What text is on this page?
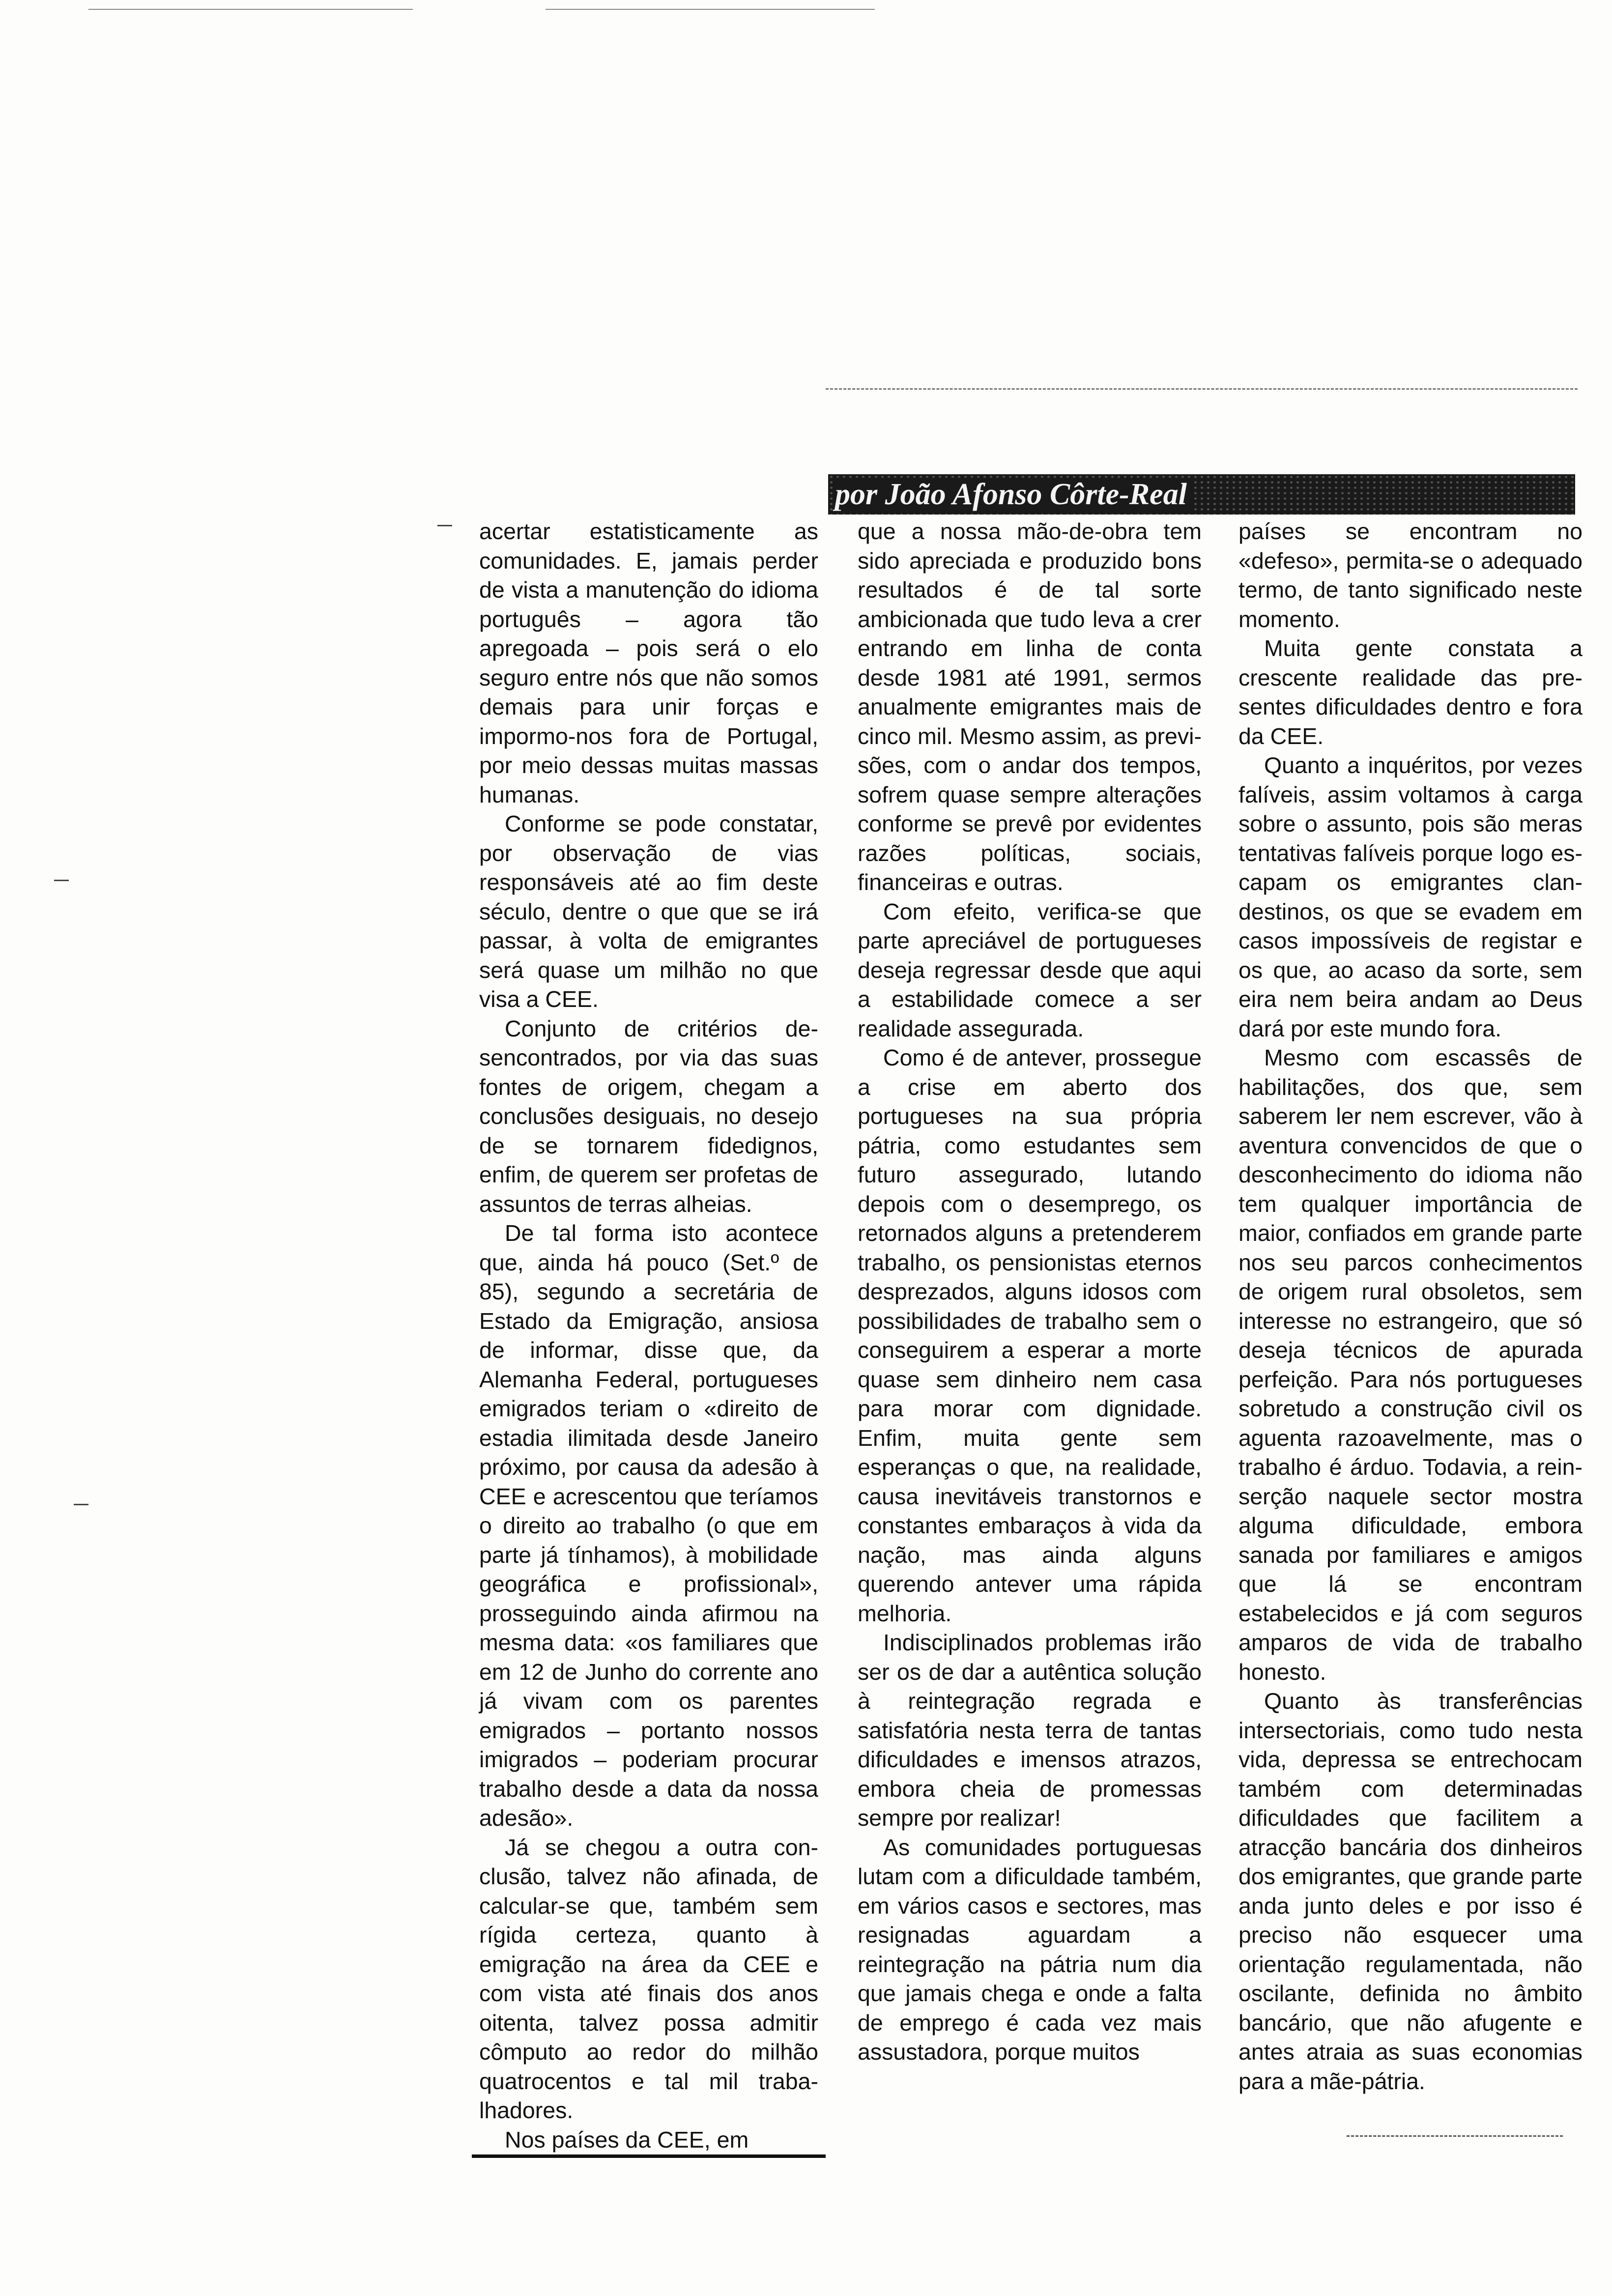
por João Afonso Côrte-Real

acertar estatisticamente as comunidades. E, jamais perder de vista a manutenção do idioma português – agora tão apregoada – pois será o elo seguro entre nós que não somos demais para unir forças e impormo-nos fora de Portugal, por meio dessas muitas massas humanas.

Conforme se pode constatar, por observação de vias responsáveis até ao fim deste século, dentre o que que se irá passar, à volta de emigrantes será quase um milhão no que visa a CEE.

Conjunto de critérios desencontrados, por via das suas fontes de origem, chegam a conclusões desiguais, no desejo de se tornarem fidedignos, enfim, de querem ser profetas de assuntos de terras alheias.

De tal forma isto acontece que, ainda há pouco (Set.º de 85), segundo a secretária de Estado da Emigração, ansiosa de informar, disse que, da Alemanha Federal, portugueses emigrados teriam o «direito de estadia ilimitada desde Janeiro próximo, por causa da adesão à CEE e acrescentou que teríamos o direito ao trabalho (o que em parte já tínhamos), à mobilidade geográfica e profissional», prosseguindo ainda afirmou na mesma data: «os familiares que em 12 de Junho do corrente ano já vivam com os parentes emigrados – portanto nossos imigrados – poderiam procurar trabalho desde a data da nossa adesão».

Já se chegou a outra conclusão, talvez não afinada, de calcular-se que, também sem rígida certeza, quanto à emigração na área da CEE e com vista até finais dos anos oitenta, talvez possa admitir cômputo ao redor do milhão quatrocentos e tal mil trabalhadores.

Nos países da CEE, em

que a nossa mão-de-obra tem sido apreciada e produzido bons resultados é de tal sorte ambicionada que tudo leva a crer entrando em linha de conta desde 1981 até 1991, sermos anualmente emigrantes mais de cinco mil. Mesmo assim, as previsões, com o andar dos tempos, sofrem quase sempre alterações conforme se prevê por evidentes razões políticas, sociais, financeiras e outras.

Com efeito, verifica-se que parte apreciável de portugueses deseja regressar desde que aqui a estabilidade comece a ser realidade assegurada.

Como é de antever, prossegue a crise em aberto dos portugueses na sua própria pátria, como estudantes sem futuro assegurado, lutando depois com o desemprego, os retornados alguns a pretenderem trabalho, os pensionistas eternos desprezados, alguns idosos com possibilidades de trabalho sem o conseguirem a esperar a morte quase sem dinheiro nem casa para morar com dignidade. Enfim, muita gente sem esperanças o que, na realidade, causa inevitáveis transtornos e constantes embaraços à vida da nação, mas ainda alguns querendo antever uma rápida melhoria.

Indisciplinados problemas irão ser os de dar a autêntica solução à reintegração regrada e satisfatória nesta terra de tantas dificuldades e imensos atrazos, embora cheia de promessas sempre por realizar!

As comunidades portuguesas lutam com a dificuldade também, em vários casos e sectores, mas resignadas aguardam a reintegração na pátria num dia que jamais chega e onde a falta de emprego é cada vez mais assustadora, porque muitos

países se encontram no «defeso», permita-se o adequado termo, de tanto significado neste momento.

Muita gente constata a crescente realidade das presentes dificuldades dentro e fora da CEE.

Quanto a inquéritos, por vezes falíveis, assim voltamos à carga sobre o assunto, pois são meras tentativas falíveis porque logo escapam os emigrantes clandestinos, os que se evadem em casos impossíveis de registar e os que, ao acaso da sorte, sem eira nem beira andam ao Deus dará por este mundo fora.

Mesmo com escassês de habilitações, dos que, sem saberem ler nem escrever, vão à aventura convencidos de que o desconhecimento do idioma não tem qualquer importância de maior, confiados em grande parte nos seu parcos conhecimentos de origem rural obsoletos, sem interesse no estrangeiro, que só deseja técnicos de apurada perfeição. Para nós portugueses sobretudo a construção civil os aguenta razoavelmente, mas o trabalho é árduo. Todavia, a reinserção naquele sector mostra alguma dificuldade, embora sanada por familiares e amigos que lá se encontram estabelecidos e já com seguros amparos de vida de trabalho honesto.

Quanto às transferências intersectoriais, como tudo nesta vida, depressa se entrechocam também com determinadas dificuldades que facilitem a atracção bancária dos dinheiros dos emigrantes, que grande parte anda junto deles e por isso é preciso não esquecer uma orientação regulamentada, não oscilante, definida no âmbito bancário, que não afugente e antes atraia as suas economias para a mãe-pátria.
